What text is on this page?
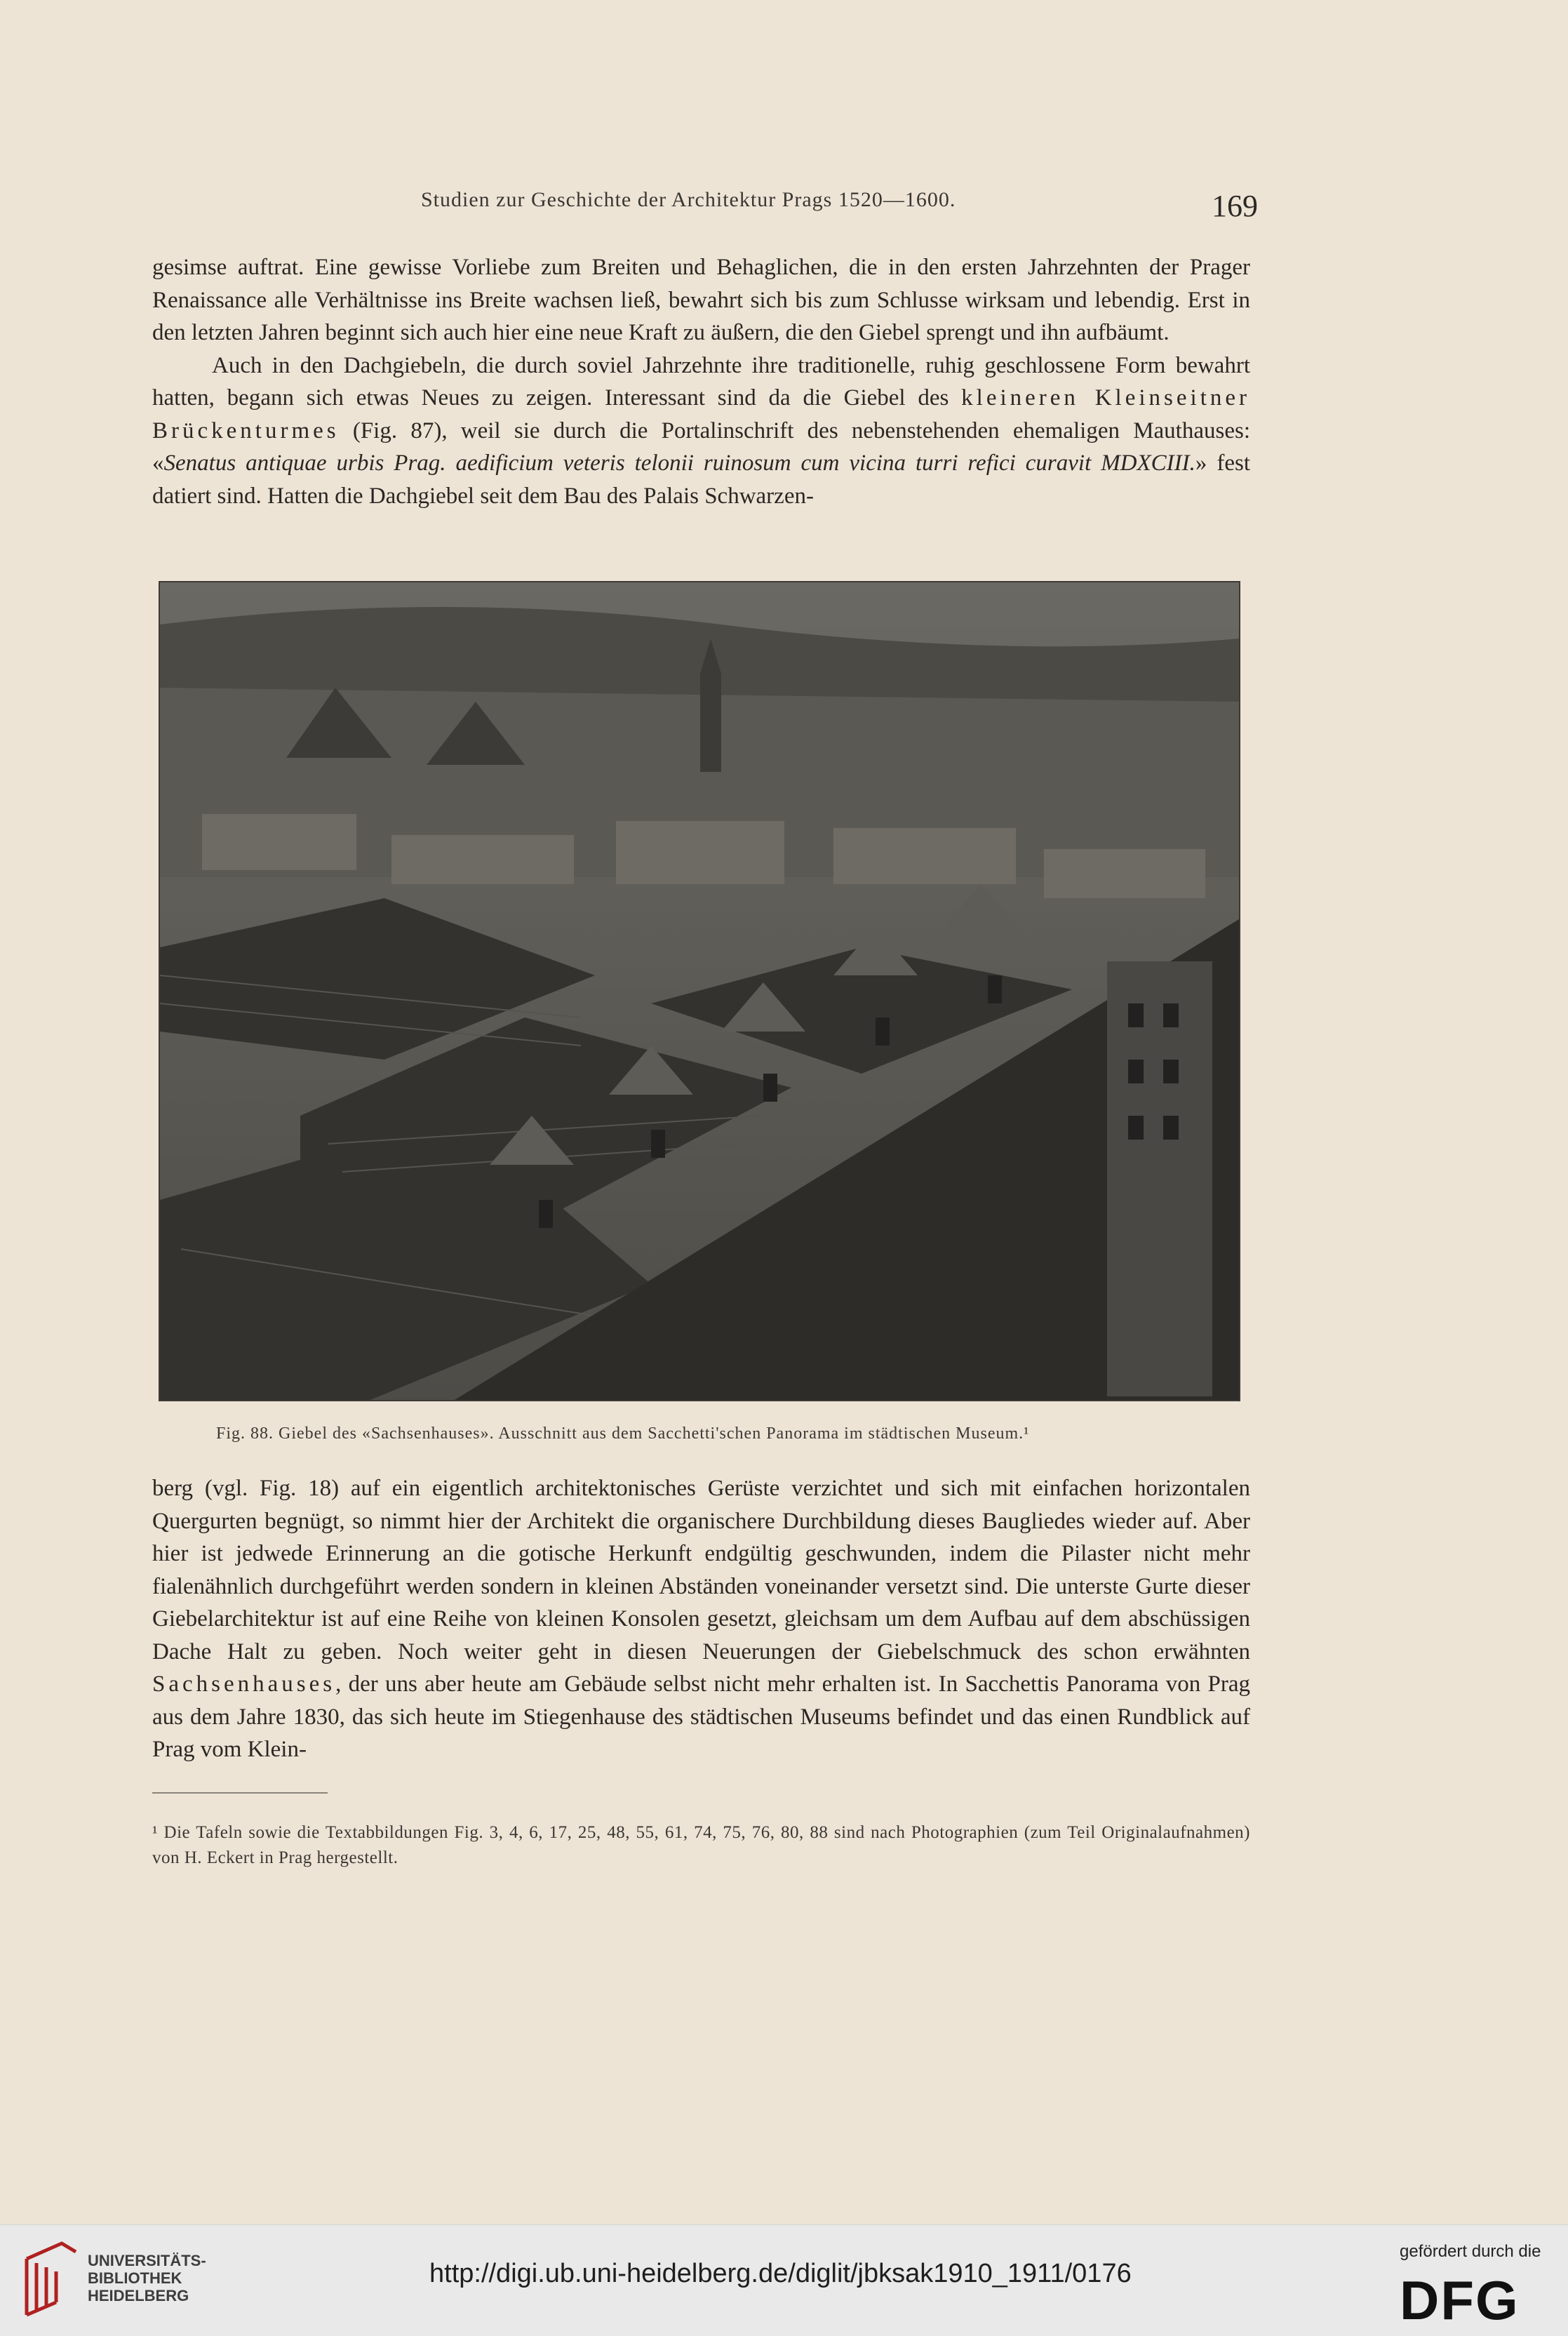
Studien zur Geschichte der Architektur Prags 1520—1600.	169

gesimse auftrat. Eine gewisse Vorliebe zum Breiten und Behaglichen, die in den ersten Jahrzehnten der Prager Renaissance alle Verhältnisse ins Breite wachsen ließ, bewahrt sich bis zum Schlusse wirksam und lebendig. Erst in den letzten Jahren beginnt sich auch hier eine neue Kraft zu äußern, die den Giebel sprengt und ihn aufbäumt.

Auch in den Dachgiebeln, die durch soviel Jahrzehnte ihre traditionelle, ruhig geschlossene Form bewahrt hatten, begann sich etwas Neues zu zeigen. Interessant sind da die Giebel des kleineren Kleinseitner Brückenturmes (Fig. 87), weil sie durch die Portalinschrift des nebenstehenden ehemaligen Mauthauses: «Senatus antiquae urbis Prag. aedificium veteris telonii ruinosum cum vicina turri refici curavit MDXCIII.» fest datiert sind. Hatten die Dachgiebel seit dem Bau des Palais Schwarzen-

Fig. 88. Giebel des «Sachsenhauses». Ausschnitt aus dem Sacchetti'schen Panorama im städtischen Museum.¹

berg (vgl. Fig. 18) auf ein eigentlich architektonisches Gerüste verzichtet und sich mit einfachen horizontalen Quergurten begnügt, so nimmt hier der Architekt die organischere Durchbildung dieses Baugliedes wieder auf. Aber hier ist jedwede Erinnerung an die gotische Herkunft endgültig geschwunden, indem die Pilaster nicht mehr fialenähnlich durchgeführt werden sondern in kleinen Abständen voneinander versetzt sind. Die unterste Gurte dieser Giebelarchitektur ist auf eine Reihe von kleinen Konsolen gesetzt, gleichsam um dem Aufbau auf dem abschüssigen Dache Halt zu geben. Noch weiter geht in diesen Neuerungen der Giebelschmuck des schon erwähnten Sachsenhauses, der uns aber heute am Gebäude selbst nicht mehr erhalten ist. In Sacchettis Panorama von Prag aus dem Jahre 1830, das sich heute im Stiegenhause des städtischen Museums befindet und das einen Rundblick auf Prag vom Klein-

¹ Die Tafeln sowie die Textabbildungen Fig. 3, 4, 6, 17, 25, 48, 55, 61, 74, 75, 76, 80, 88 sind nach Photographien (zum Teil Originalaufnahmen) von H. Eckert in Prag hergestellt.
UNIVERSITÄTS-
BIBLIOTHEK
HEIDELBERG
http://digi.ub.uni-heidelberg.de/diglit/jbksak1910_1911/0176
gefördert durch die
DFG
